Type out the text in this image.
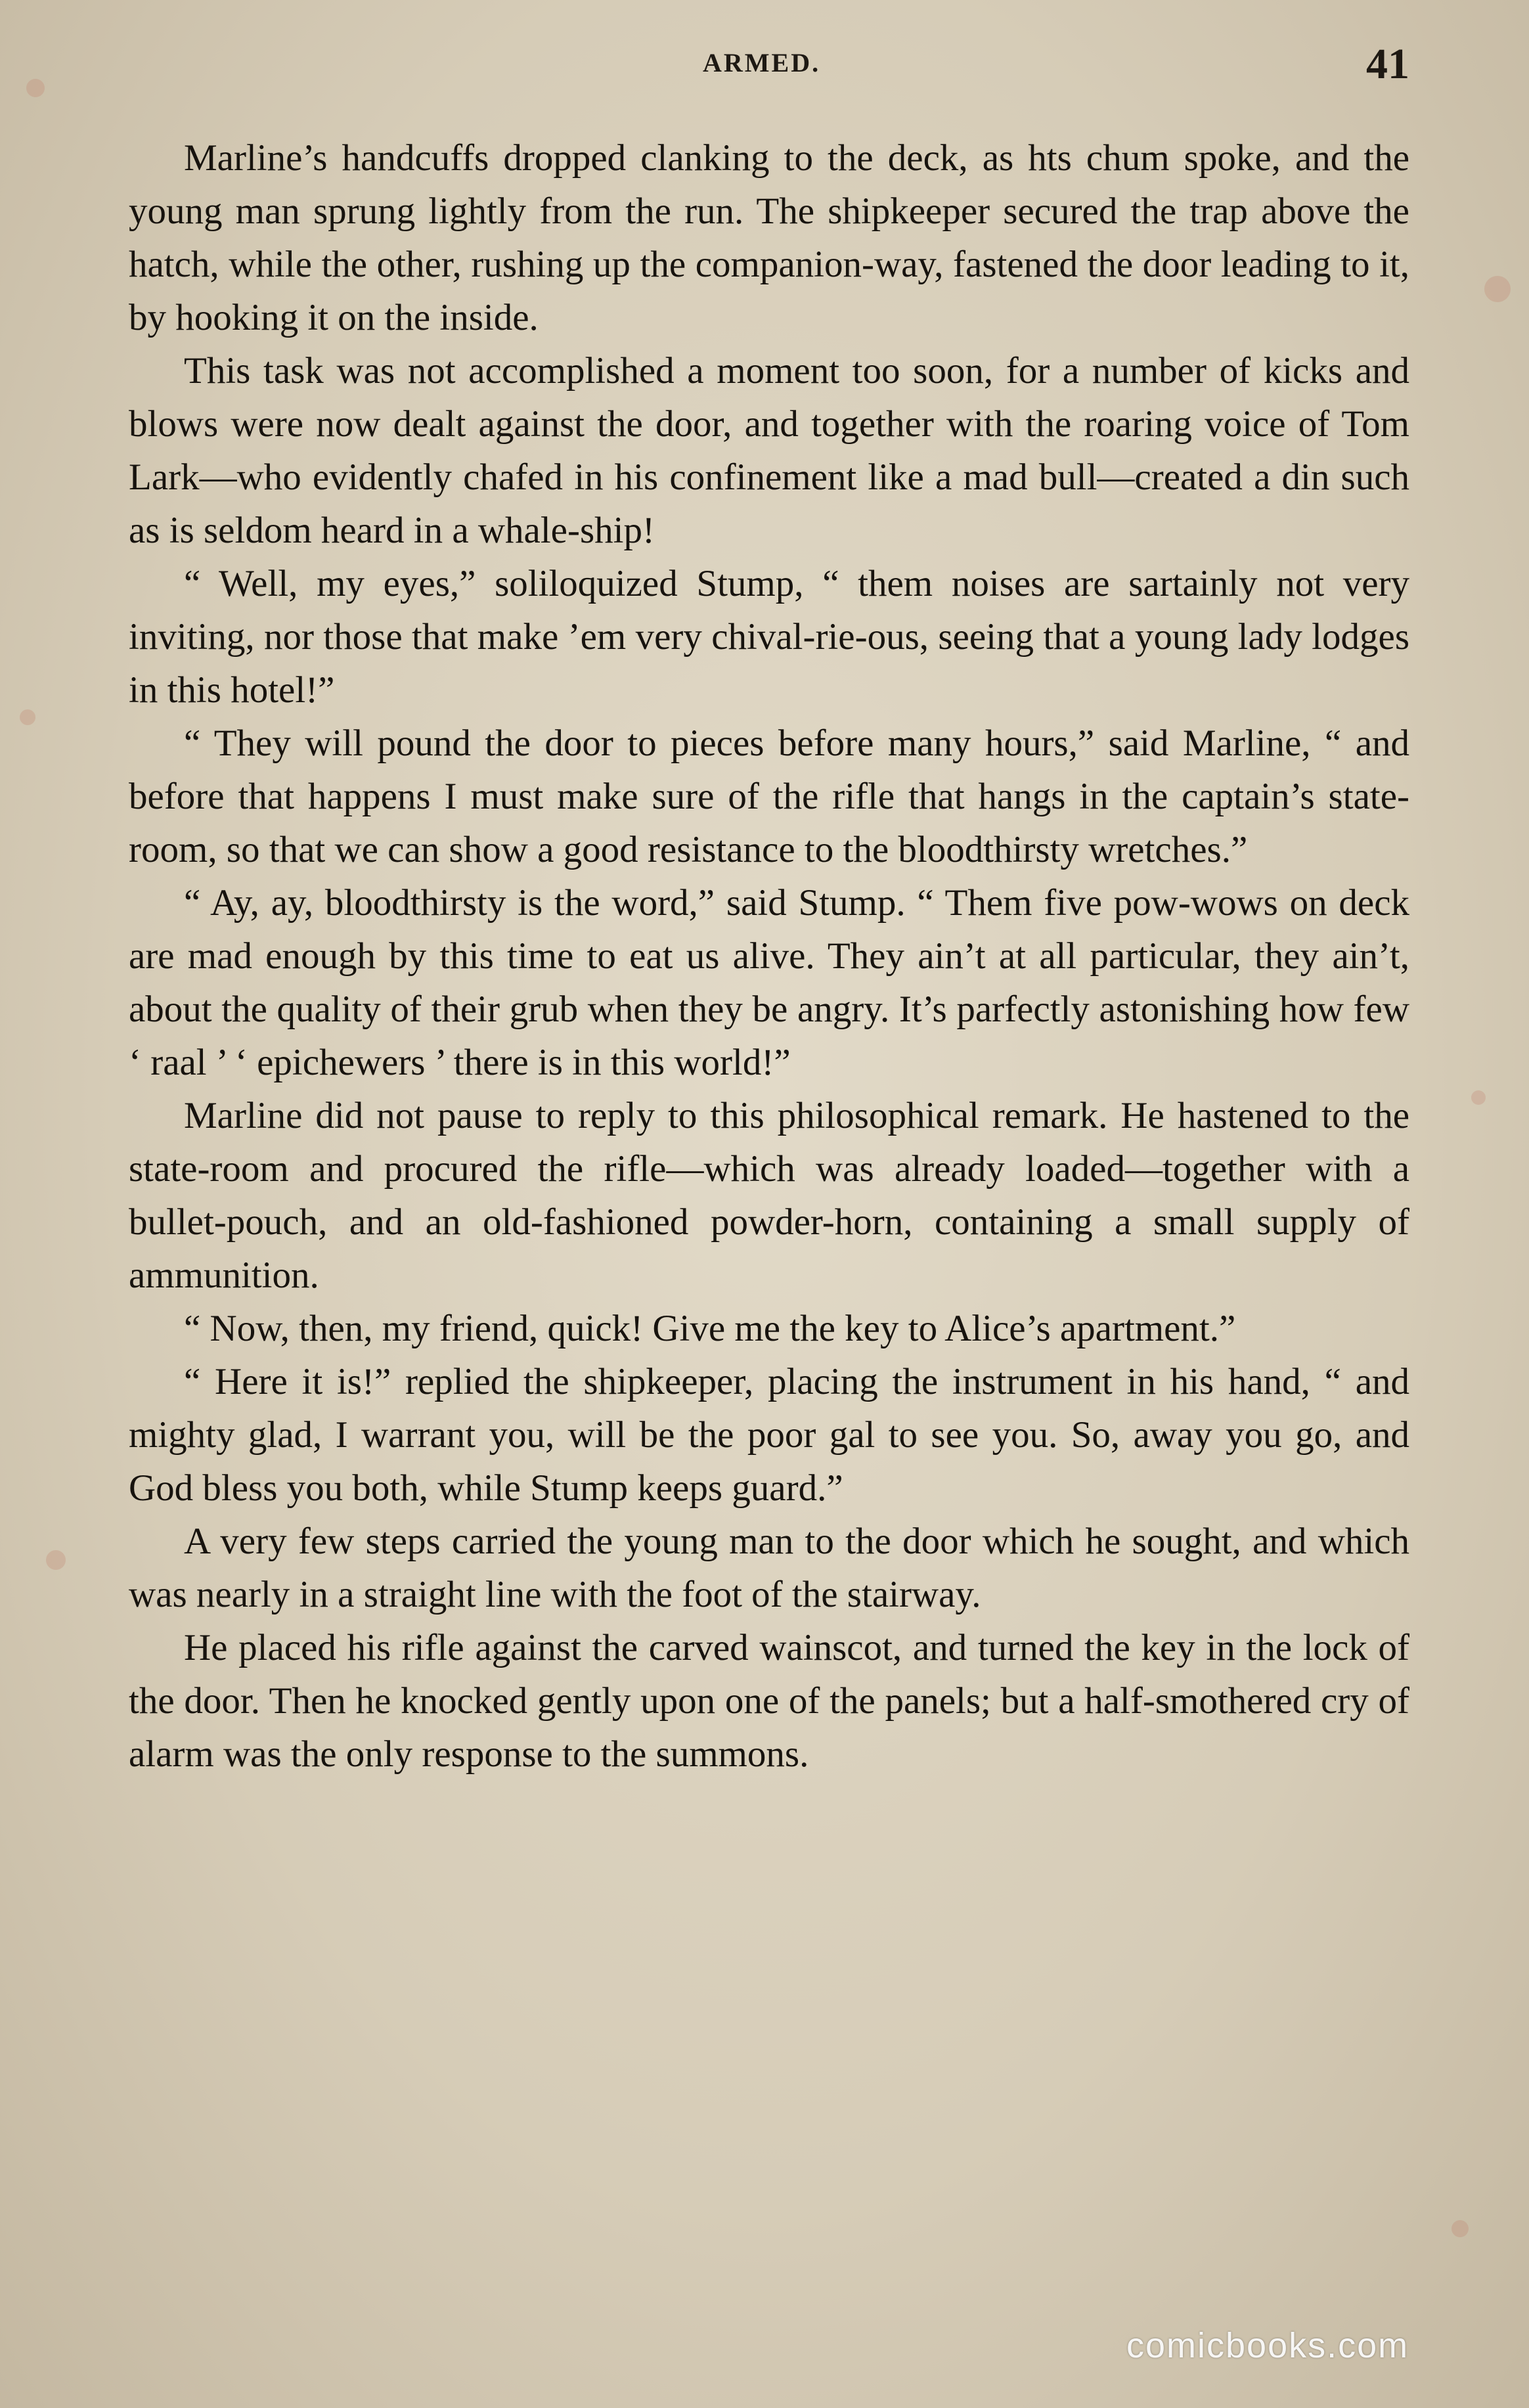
ARMED.	41

Marline’s handcuffs dropped clanking to the deck, as hts chum spoke, and the young man sprung lightly from the run. The shipkeeper secured the trap above the hatch, while the other, rushing up the companion-way, fastened the door leading to it, by hooking it on the inside.

This task was not accomplished a moment too soon, for a number of kicks and blows were now dealt against the door, and together with the roaring voice of Tom Lark—who evidently chafed in his confinement like a mad bull—created a din such as is seldom heard in a whale-ship!

“ Well, my eyes,” soliloquized Stump, “ them noises are sartainly not very inviting, nor those that make ’em very chival-rie-ous, seeing that a young lady lodges in this hotel!”

“ They will pound the door to pieces before many hours,” said Marline, “ and before that happens I must make sure of the rifle that hangs in the captain’s state-room, so that we can show a good resistance to the bloodthirsty wretches.”

“ Ay, ay, bloodthirsty is the word,” said Stump. “ Them five pow-wows on deck are mad enough by this time to eat us alive. They ain’t at all particular, they ain’t, about the quality of their grub when they be angry. It’s parfectly astonishing how few ‘ raal ’ ‘ epichewers ’ there is in this world!”

Marline did not pause to reply to this philosophical remark. He hastened to the state-room and procured the rifle—which was already loaded—together with a bullet-pouch, and an old-fashioned powder-horn, containing a small supply of ammunition.

“ Now, then, my friend, quick! Give me the key to Alice’s apartment.”

“ Here it is!” replied the shipkeeper, placing the instrument in his hand, “ and mighty glad, I warrant you, will be the poor gal to see you. So, away you go, and God bless you both, while Stump keeps guard.”

A very few steps carried the young man to the door which he sought, and which was nearly in a straight line with the foot of the stairway.

He placed his rifle against the carved wainscot, and turned the key in the lock of the door. Then he knocked gently upon one of the panels; but a half-smothered cry of alarm was the only response to the summons.

comicbooks.com
